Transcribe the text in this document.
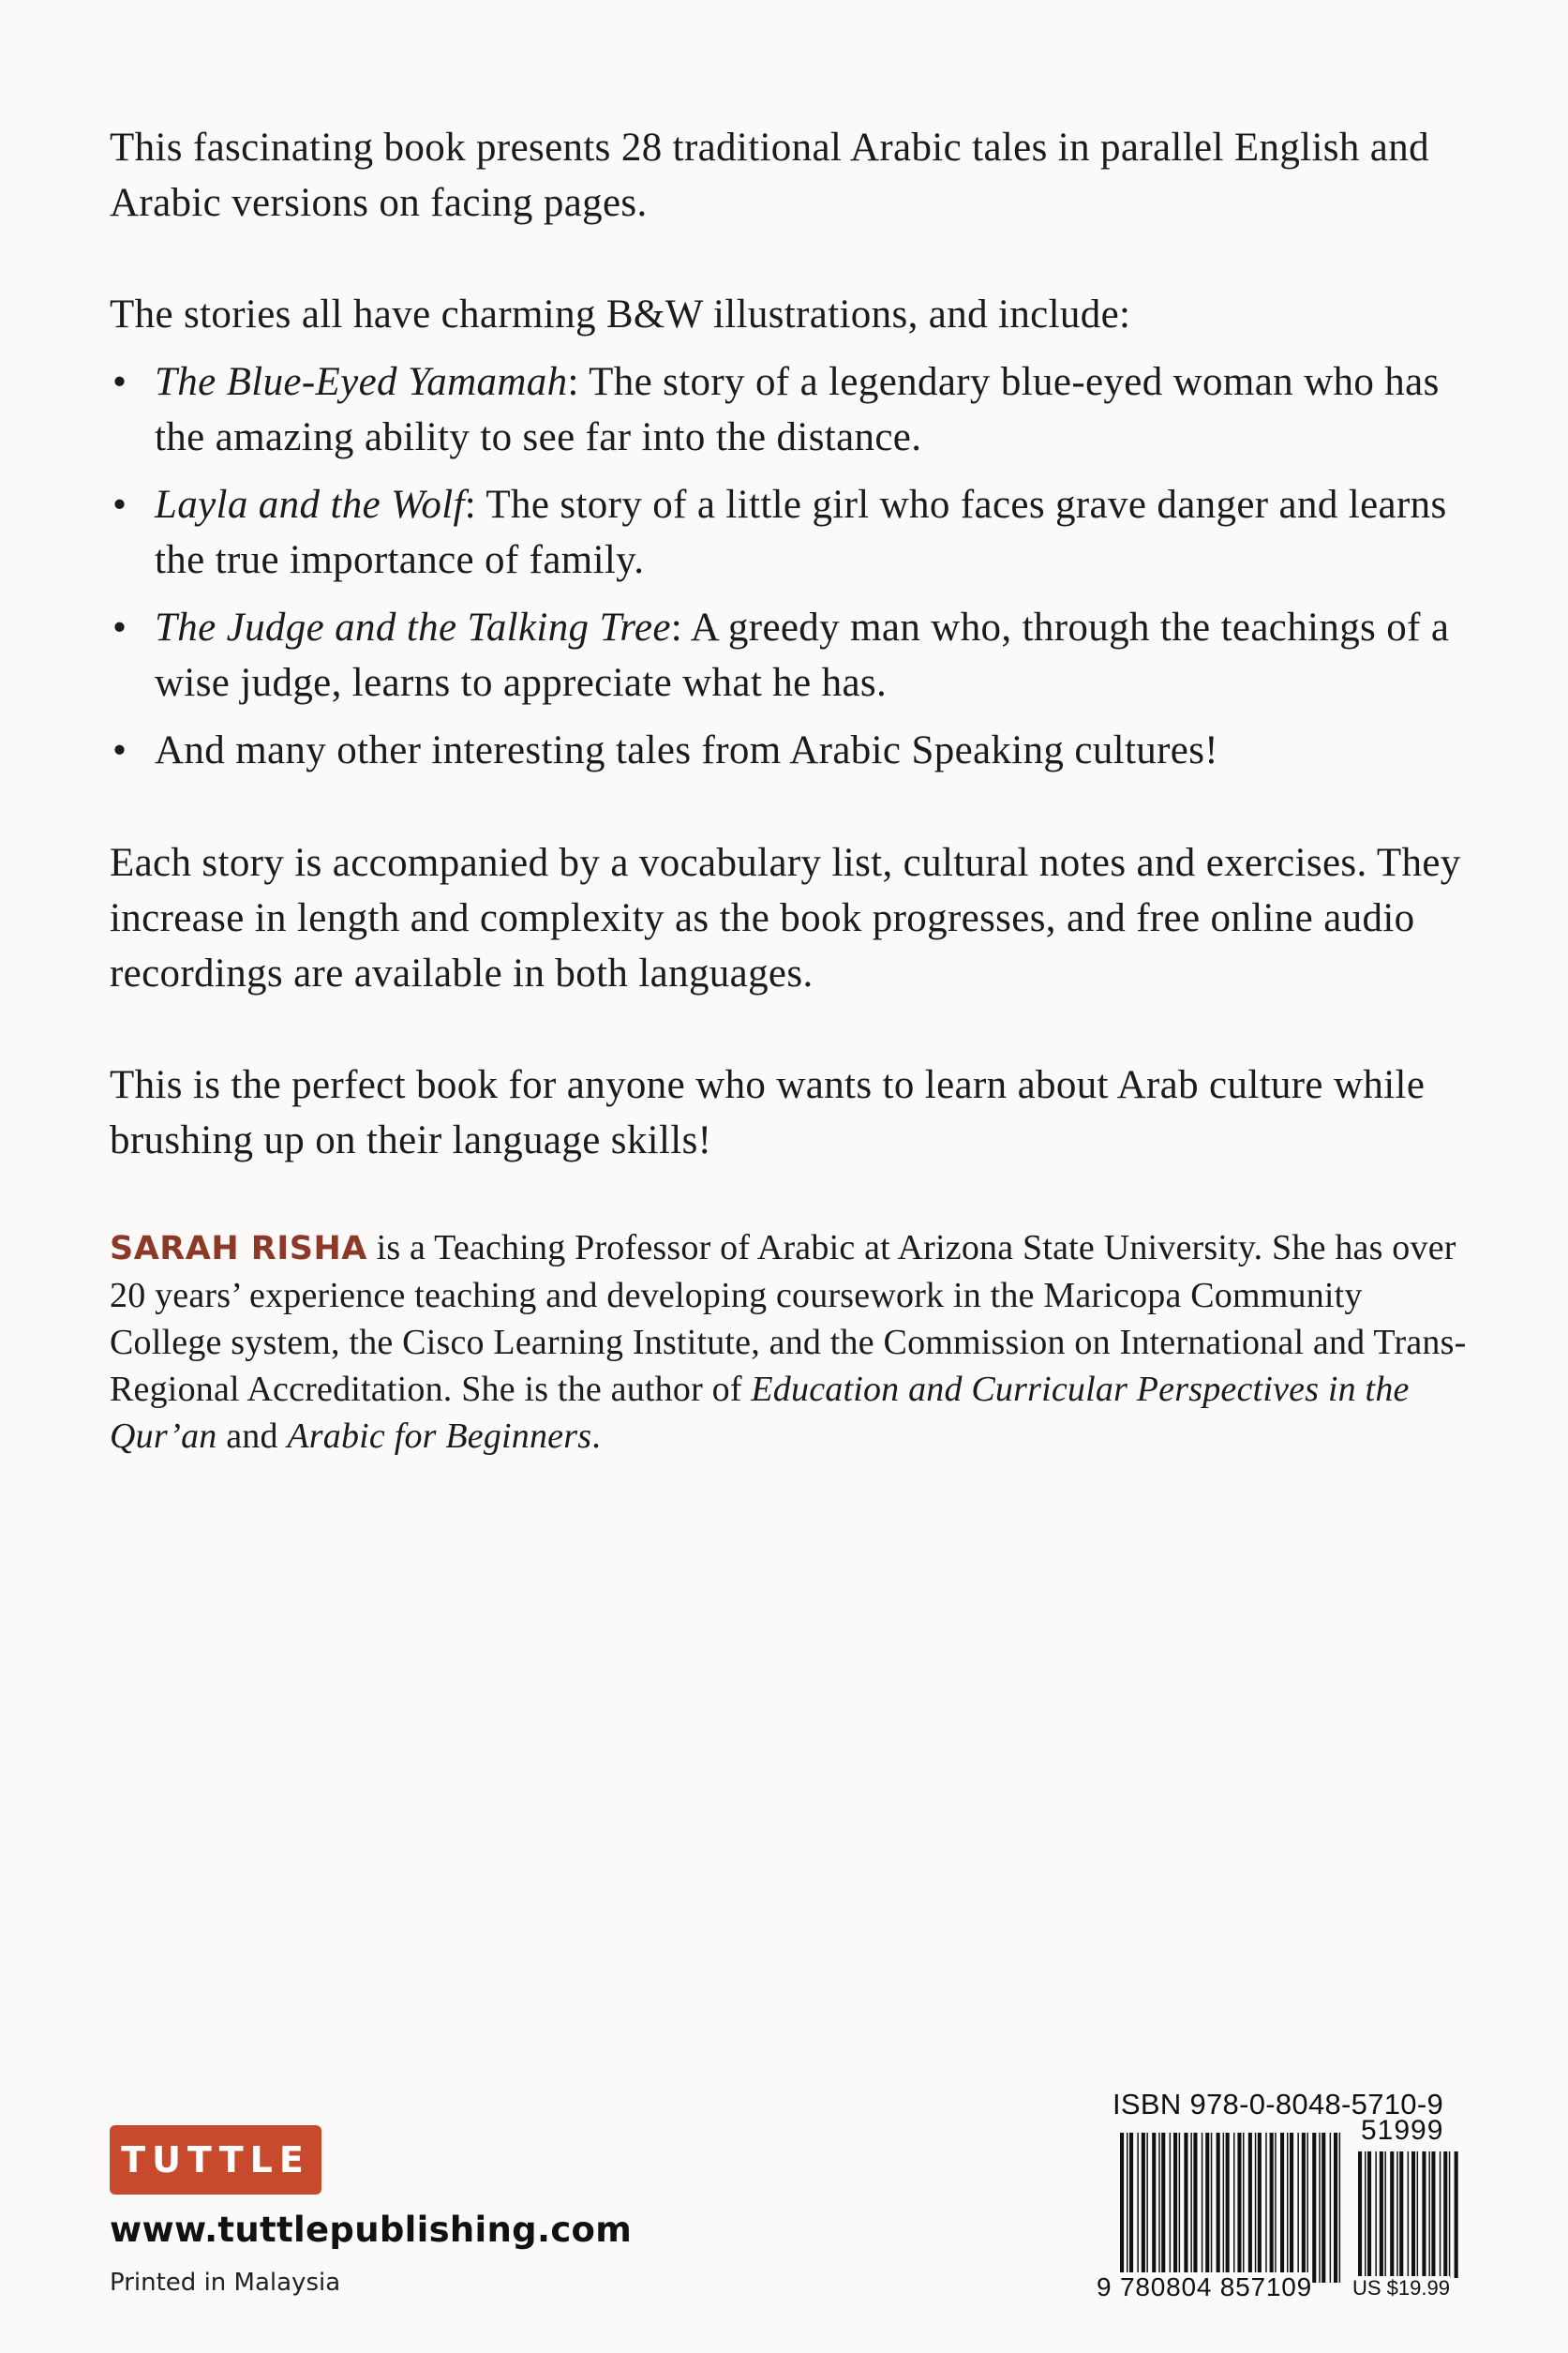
This fascinating book presents 28 traditional Arabic tales in parallel English and Arabic versions on facing pages.

The stories all have charming B&W illustrations, and include:

• The Blue-Eyed Yamamah: The story of a legendary blue-eyed woman who has the amazing ability to see far into the distance.
• Layla and the Wolf: The story of a little girl who faces grave danger and learns the true importance of family.
• The Judge and the Talking Tree: A greedy man who, through the teachings of a wise judge, learns to appreciate what he has.
• And many other interesting tales from Arabic Speaking cultures!

Each story is accompanied by a vocabulary list, cultural notes and exercises. They increase in length and complexity as the book progresses, and free online audio recordings are available in both languages.

This is the perfect book for anyone who wants to learn about Arab culture while brushing up on their language skills!

SARAH RISHA is a Teaching Professor of Arabic at Arizona State University. She has over 20 years’ experience teaching and developing coursework in the Maricopa Community College system, the Cisco Learning Institute, and the Commission on International and Trans-Regional Accreditation. She is the author of Education and Curricular Perspectives in the Qur’an and Arabic for Beginners.

TUTTLE
www.tuttlepublishing.com
Printed in Malaysia
ISBN 978-0-8048-5710-9
51999
9 780804 857109 US $19.99
